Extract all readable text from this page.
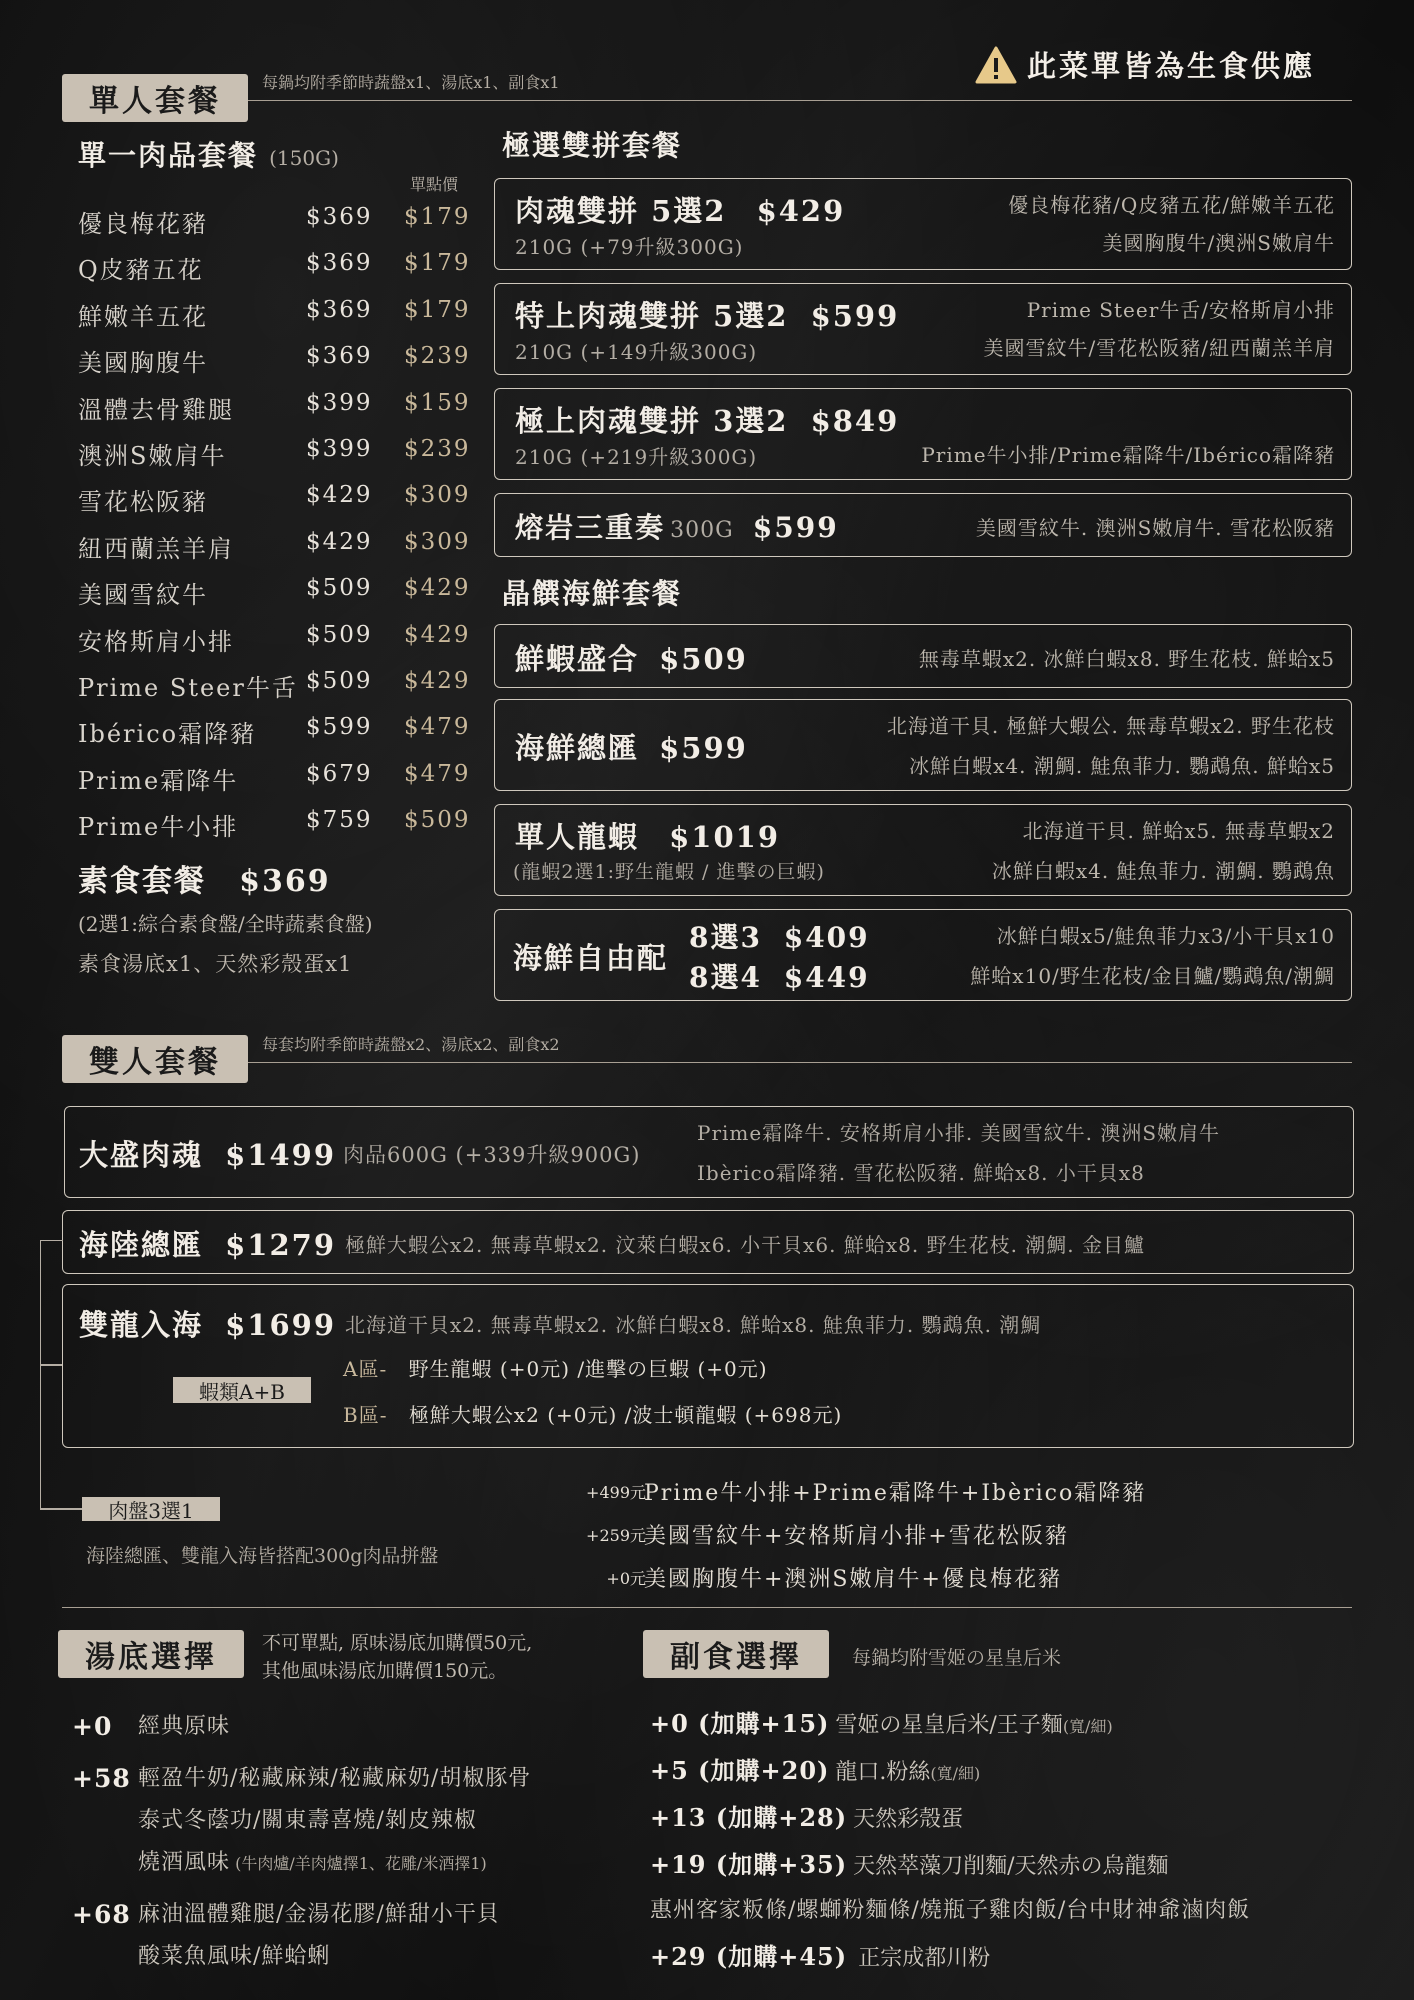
此菜單皆為生食供應
單人套餐
每鍋均附季節時蔬盤x1、湯底x1、副食x1
單一肉品套餐 (150G)
單點價
優良梅花豬	$369 $179
Q皮豬五花	$369 $179
鮮嫩羊五花	$369 $179
美國胸腹牛	$369 $239
溫體去骨雞腿	$399 $159
澳洲S嫩肩牛	$399 $239
雪花松阪豬	$429 $309
紐西蘭羔羊肩	$429 $309
美國雪紋牛	$509 $429
安格斯肩小排	$509 $429
Prime Steer牛舌 $509 $429
Ibérico霜降豬 $599 $479
Prime霜降牛	$679 $479
Prime牛小排	$759 $509
素食套餐 $369
(2選1:綜合素食盤/全時蔬素食盤)
素食湯底x1、天然彩殼蛋x1
極選雙拼套餐
肉魂雙拼 5選2 $429
210G (+79升級300G)
優良梅花豬/Q皮豬五花/鮮嫩羊五花
美國胸腹牛/澳洲S嫩肩牛
特上肉魂雙拼 5選2 $599
210G (+149升級300G)
Prime Steer牛舌/安格斯肩小排
美國雪紋牛/雪花松阪豬/紐西蘭羔羊肩
極上肉魂雙拼 3選2 $849
210G (+219升級300G)	Prime牛小排/Prime霜降牛/Ibérico霜降豬
熔岩三重奏 300G $599	美國雪紋牛. 澳洲S嫩肩牛. 雪花松阪豬
晶饌海鮮套餐
鮮蝦盛合 $509	無毒草蝦x2. 冰鮮白蝦x8. 野生花枝. 鮮蛤x5
海鮮總匯 $599
北海道干貝. 極鮮大蝦公. 無毒草蝦x2. 野生花枝
冰鮮白蝦x4. 潮鯛. 鮭魚菲力. 鸚鵡魚. 鮮蛤x5
單人龍蝦 $1019
(龍蝦2選1:野生龍蝦 / 進擊の巨蝦)
北海道干貝. 鮮蛤x5. 無毒草蝦x2
冰鮮白蝦x4. 鮭魚菲力. 潮鯛. 鸚鵡魚
海鮮自由配
8選3 $409
8選4 $449
冰鮮白蝦x5/鮭魚菲力x3/小干貝x10
鮮蛤x10/野生花枝/金目鱸/鸚鵡魚/潮鯛
雙人套餐
每套均附季節時蔬盤x2、湯底x2、副食x2
大盛肉魂 $1499 肉品600G (+339升級900G)
Prime霜降牛. 安格斯肩小排. 美國雪紋牛. 澳洲S嫩肩牛
Ibèrico霜降豬. 雪花松阪豬. 鮮蛤x8. 小干貝x8
海陸總匯 $1279 極鮮大蝦公x2. 無毒草蝦x2. 汶萊白蝦x6. 小干貝x6. 鮮蛤x8. 野生花枝. 潮鯛. 金目鱸
雙龍入海 $1699 北海道干貝x2. 無毒草蝦x2. 冰鮮白蝦x8. 鮮蛤x8. 鮭魚菲力. 鸚鵡魚. 潮鯛
蝦類A+B
A區- 野生龍蝦 (+0元) /進擊の巨蝦 (+0元)
B區- 極鮮大蝦公x2 (+0元) /波士頓龍蝦 (+698元)
肉盤3選1
海陸總匯、雙龍入海皆搭配300g肉品拼盤
+499元
Prime牛小排+Prime霜降牛+Ibèrico霜降豬
+259元
美國雪紋牛+安格斯肩小排+雪花松阪豬
+0元
美國胸腹牛+澳洲S嫩肩牛+優良梅花豬
湯底選擇	不可單點, 原味湯底加購價50元,
其他風味湯底加購價150元。
+0 經典原味
+58 輕盈牛奶/秘藏麻辣/秘藏麻奶/胡椒豚骨
泰式冬蔭功/關東壽喜燒/剝皮辣椒
燒酒風味 (牛肉爐/羊肉爐擇1、花雕/米酒擇1)
+68 麻油溫體雞腿/金湯花膠/鮮甜小干貝
酸菜魚風味/鮮蛤蜊
副食選擇	每鍋均附雪姬の星皇后米
+0 (加購+15) 雪姬の星皇后米/王子麵(寬/細)
+5 (加購+20) 龍口.粉絲(寬/細)
+13 (加購+28) 天然彩殼蛋
+19 (加購+35) 天然萃藻刀削麵/天然赤の烏龍麵
惠州客家粄條/螺螄粉麵條/燒瓶子雞肉飯/台中財神爺滷肉飯
+29 (加購+45) 正宗成都川粉
